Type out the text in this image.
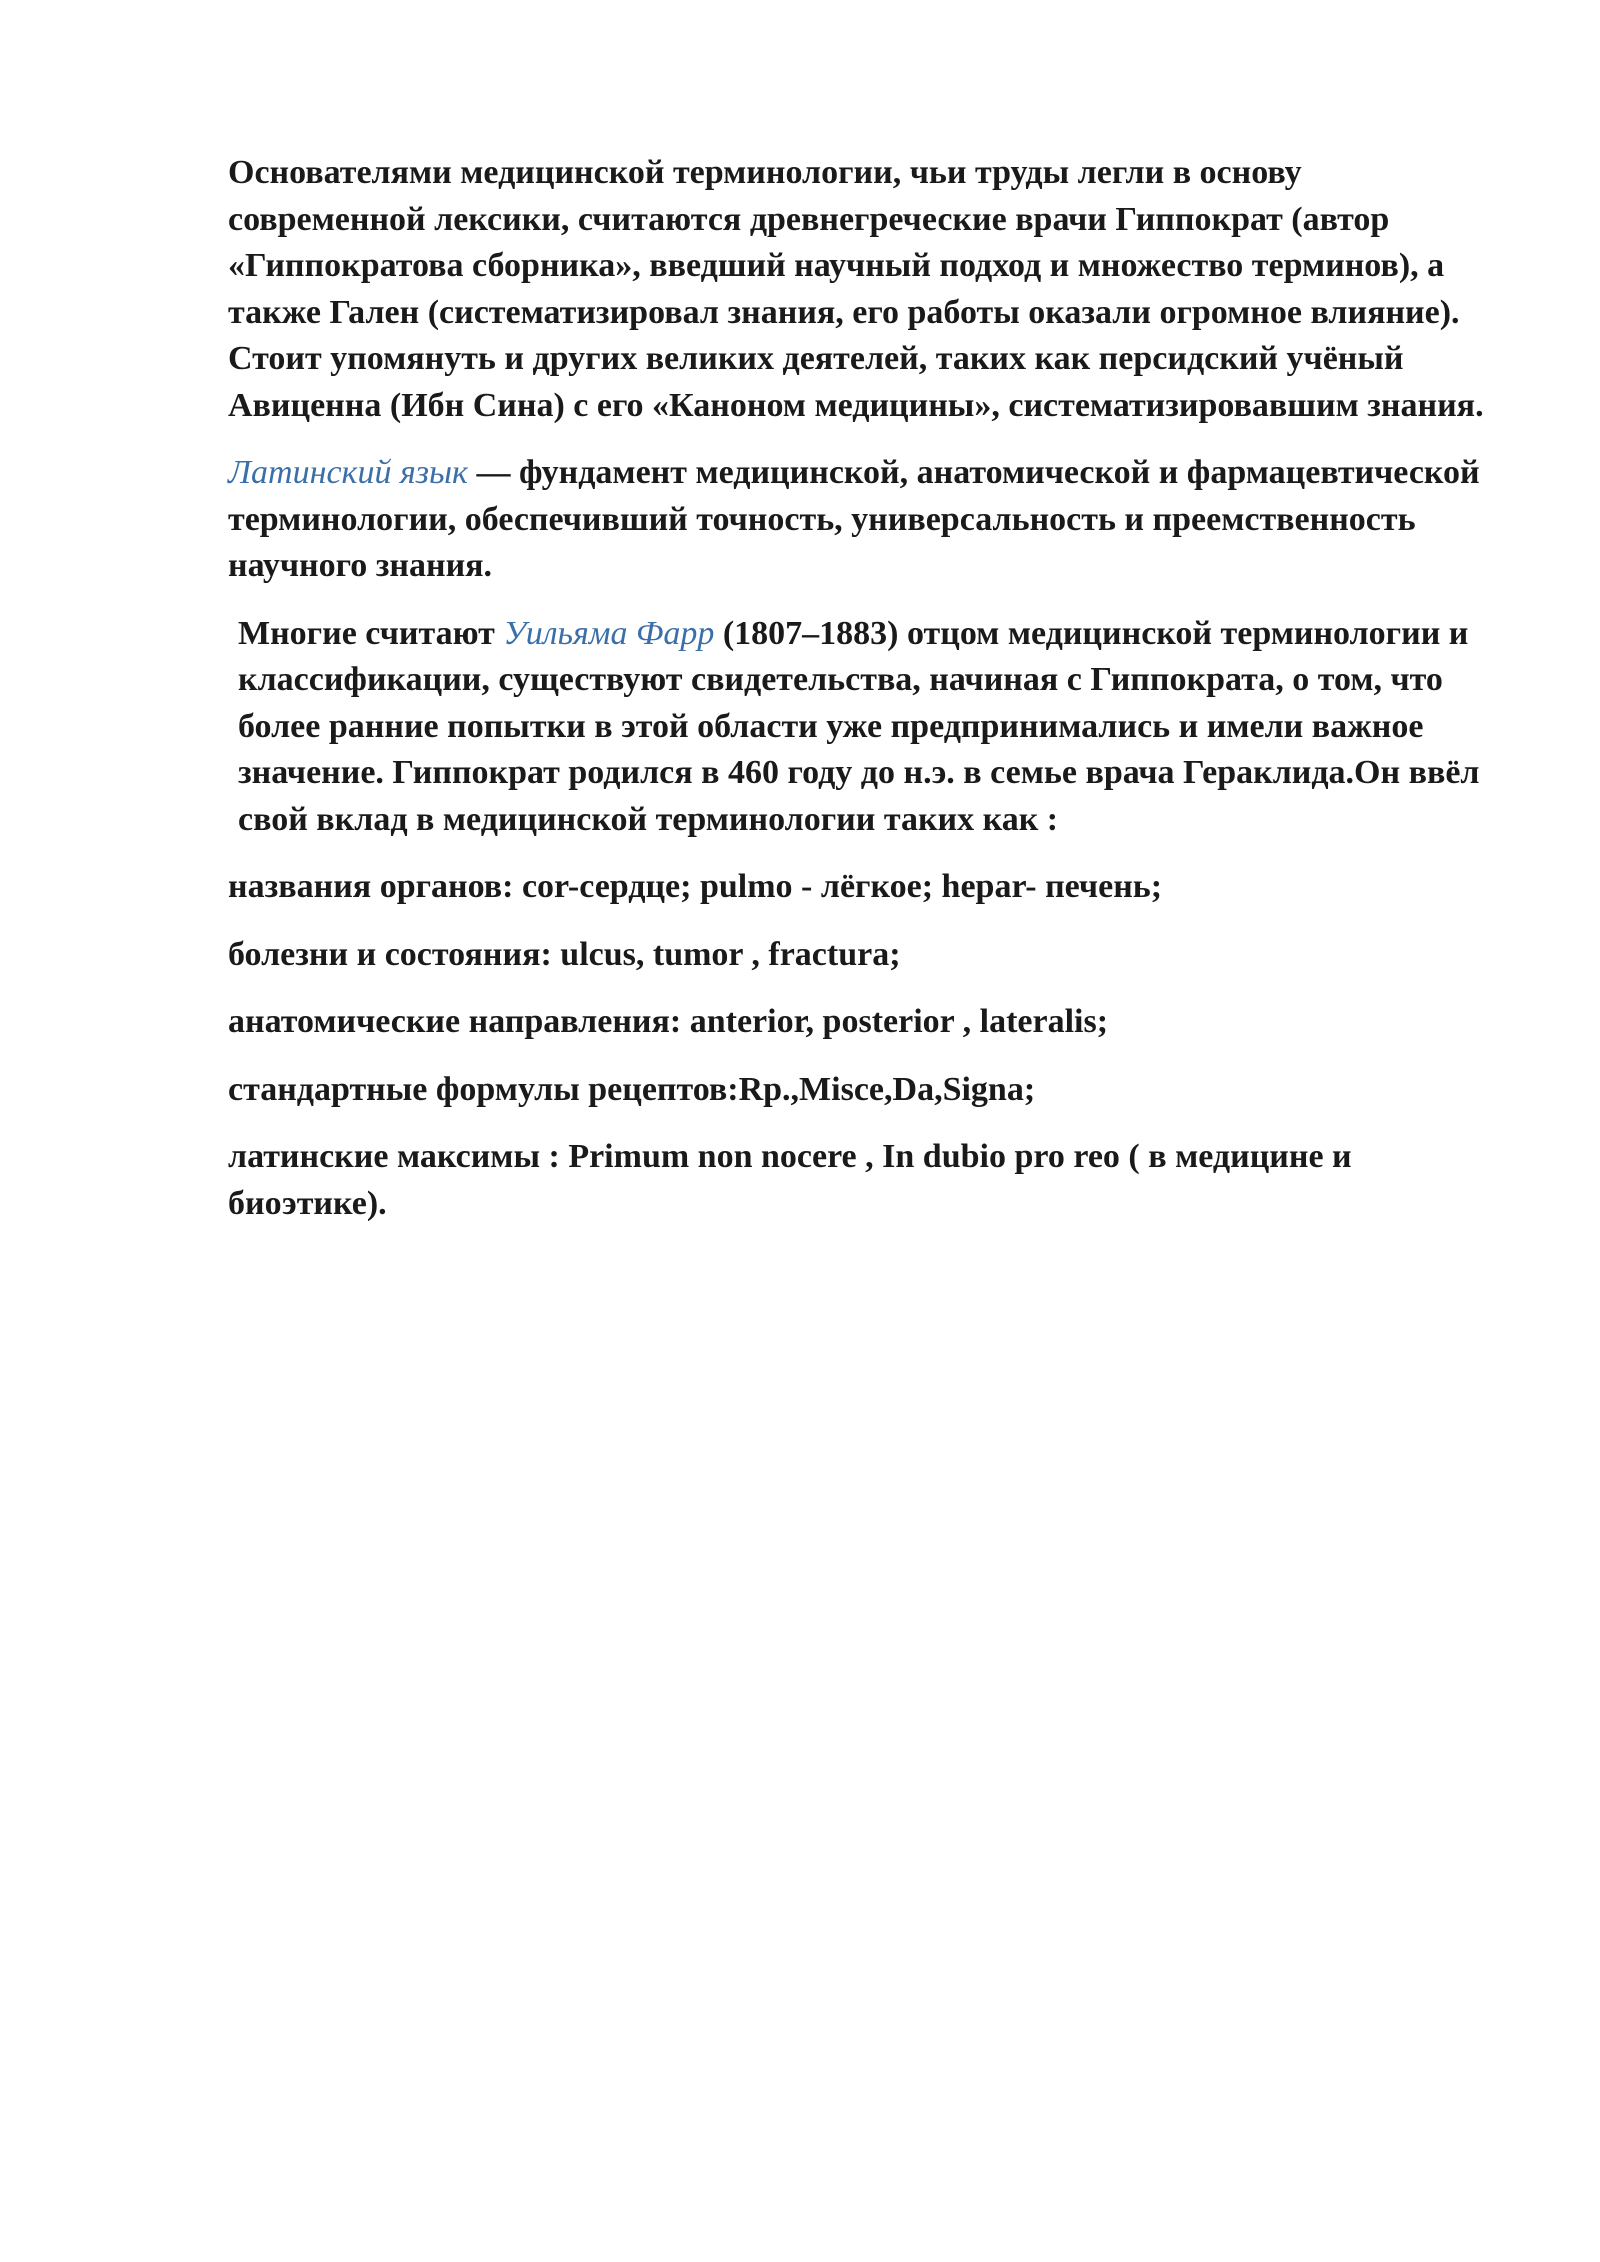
Основателями медицинской терминологии, чьи труды легли в основу современной лексики, считаются древнегреческие врачи Гиппократ (автор «Гиппократова сборника», введший научный подход и множество терминов), а также Гален (систематизировал знания, его работы оказали огромное влияние). Стоит упомянуть и других великих деятелей, таких как персидский учёный Авиценна (Ибн Сина) с его «Каноном медицины», систематизировавшим знания.

Латинский язык — фундамент медицинской, анатомической и фармацевтической терминологии, обеспечивший точность, универсальность и преемственность научного знания.

Многие считают Уильяма Фарр (1807–1883) отцом медицинской терминологии и классификации, существуют свидетельства, начиная с Гиппократа, о том, что более ранние попытки в этой области уже предпринимались и имели важное значение. Гиппократ родился в 460 году до н.э. в семье врача Гераклида.Он ввёл свой вклад в медицинской терминологии таких как :

названия органов: cor-сердце; pulmo - лёгкое; hepar- печень;

болезни и состояния: ulcus, tumor , fractura;

анатомические направления: anterior, posterior , lateralis;

стандартные формулы рецептов:Rp.,Misce,Da,Signa;

латинские максимы : Primum non nocere , In dubio pro reo ( в медицине и биоэтике).
